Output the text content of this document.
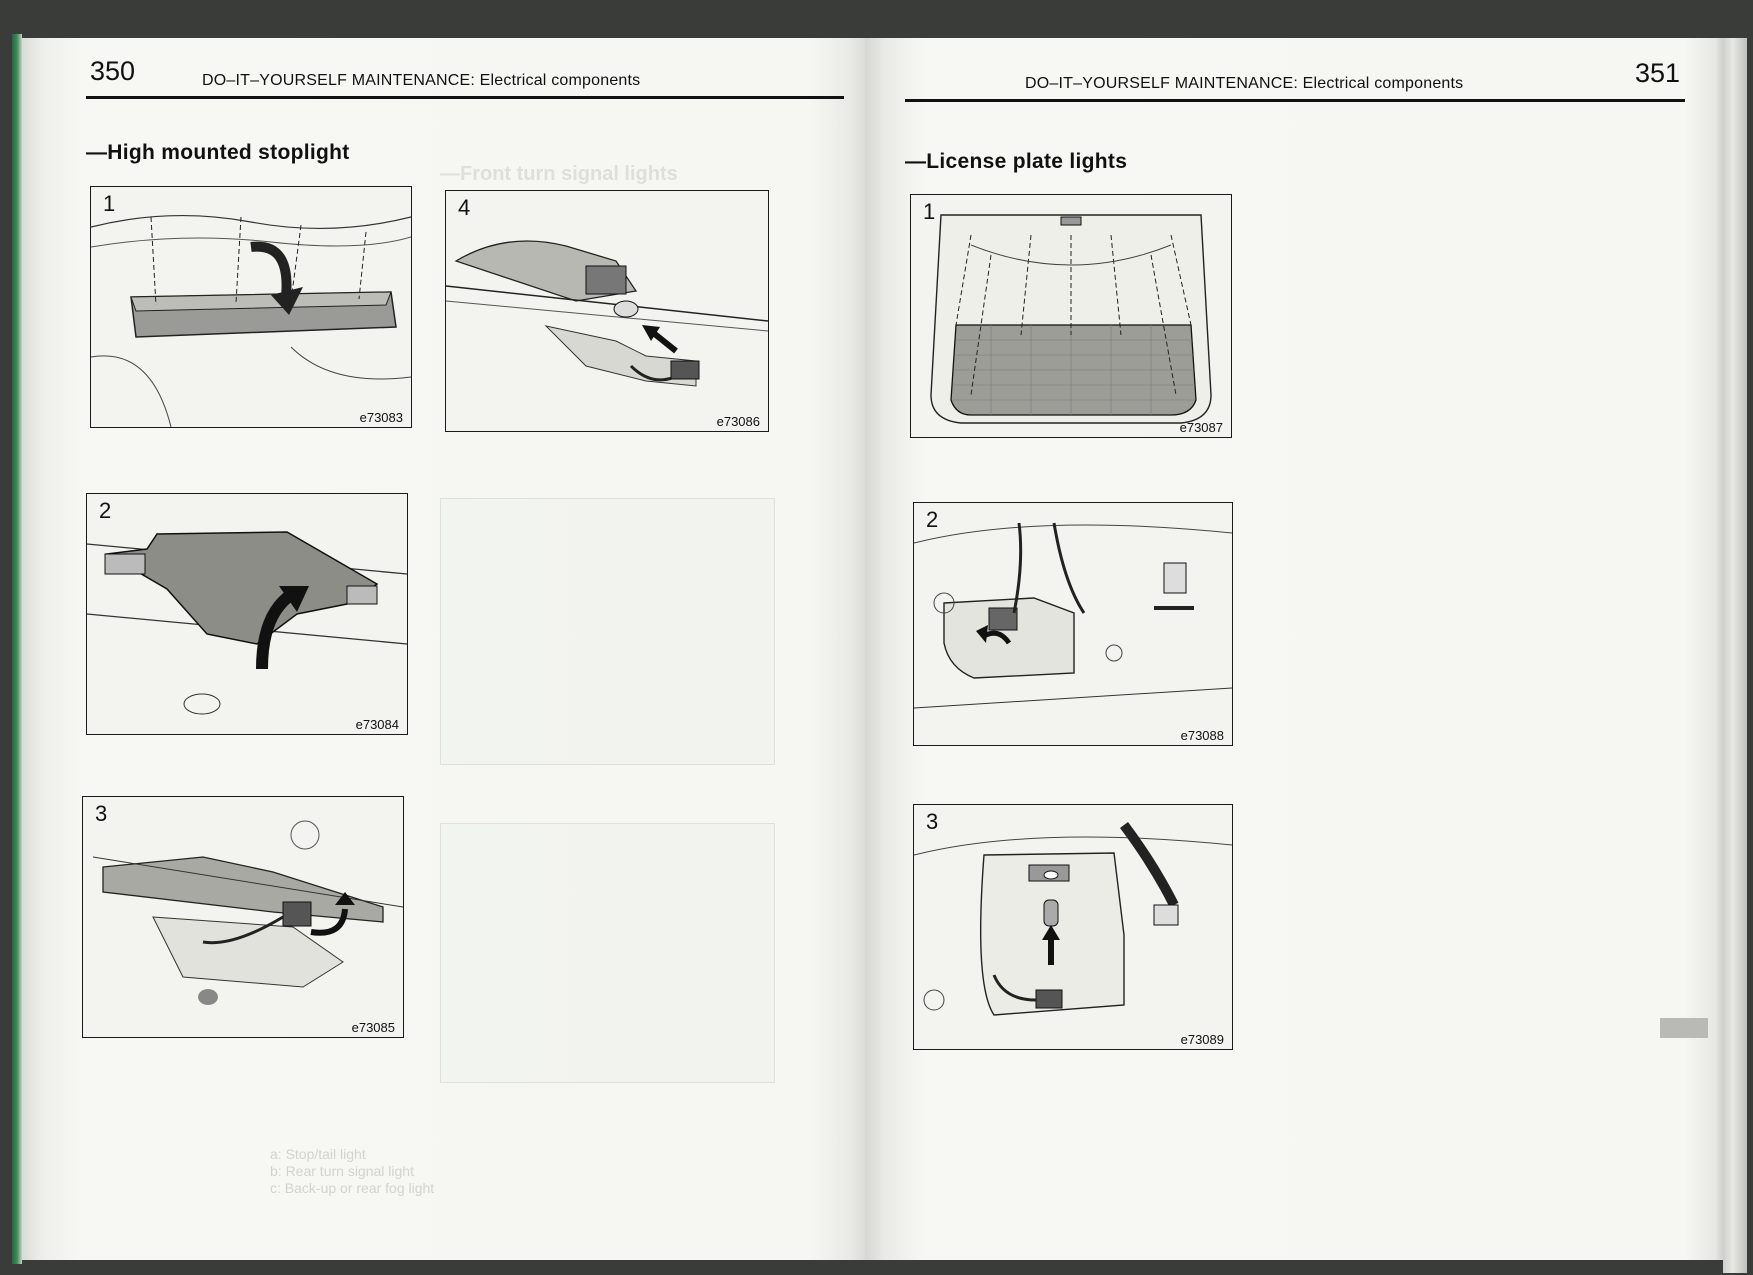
350	DO–IT–YOURSELF MAINTENANCE: Electrical components
—High mounted stoplight
—Front turn signal lights
1
e73083
4
e73086
2
e73084
3
e73085
a: Stop/tail light
b: Rear turn signal light
c: Back-up or rear fog light
DO–IT–YOURSELF MAINTENANCE: Electrical components	351
—License plate lights
1
e73087
2
e73088
3
e73089
